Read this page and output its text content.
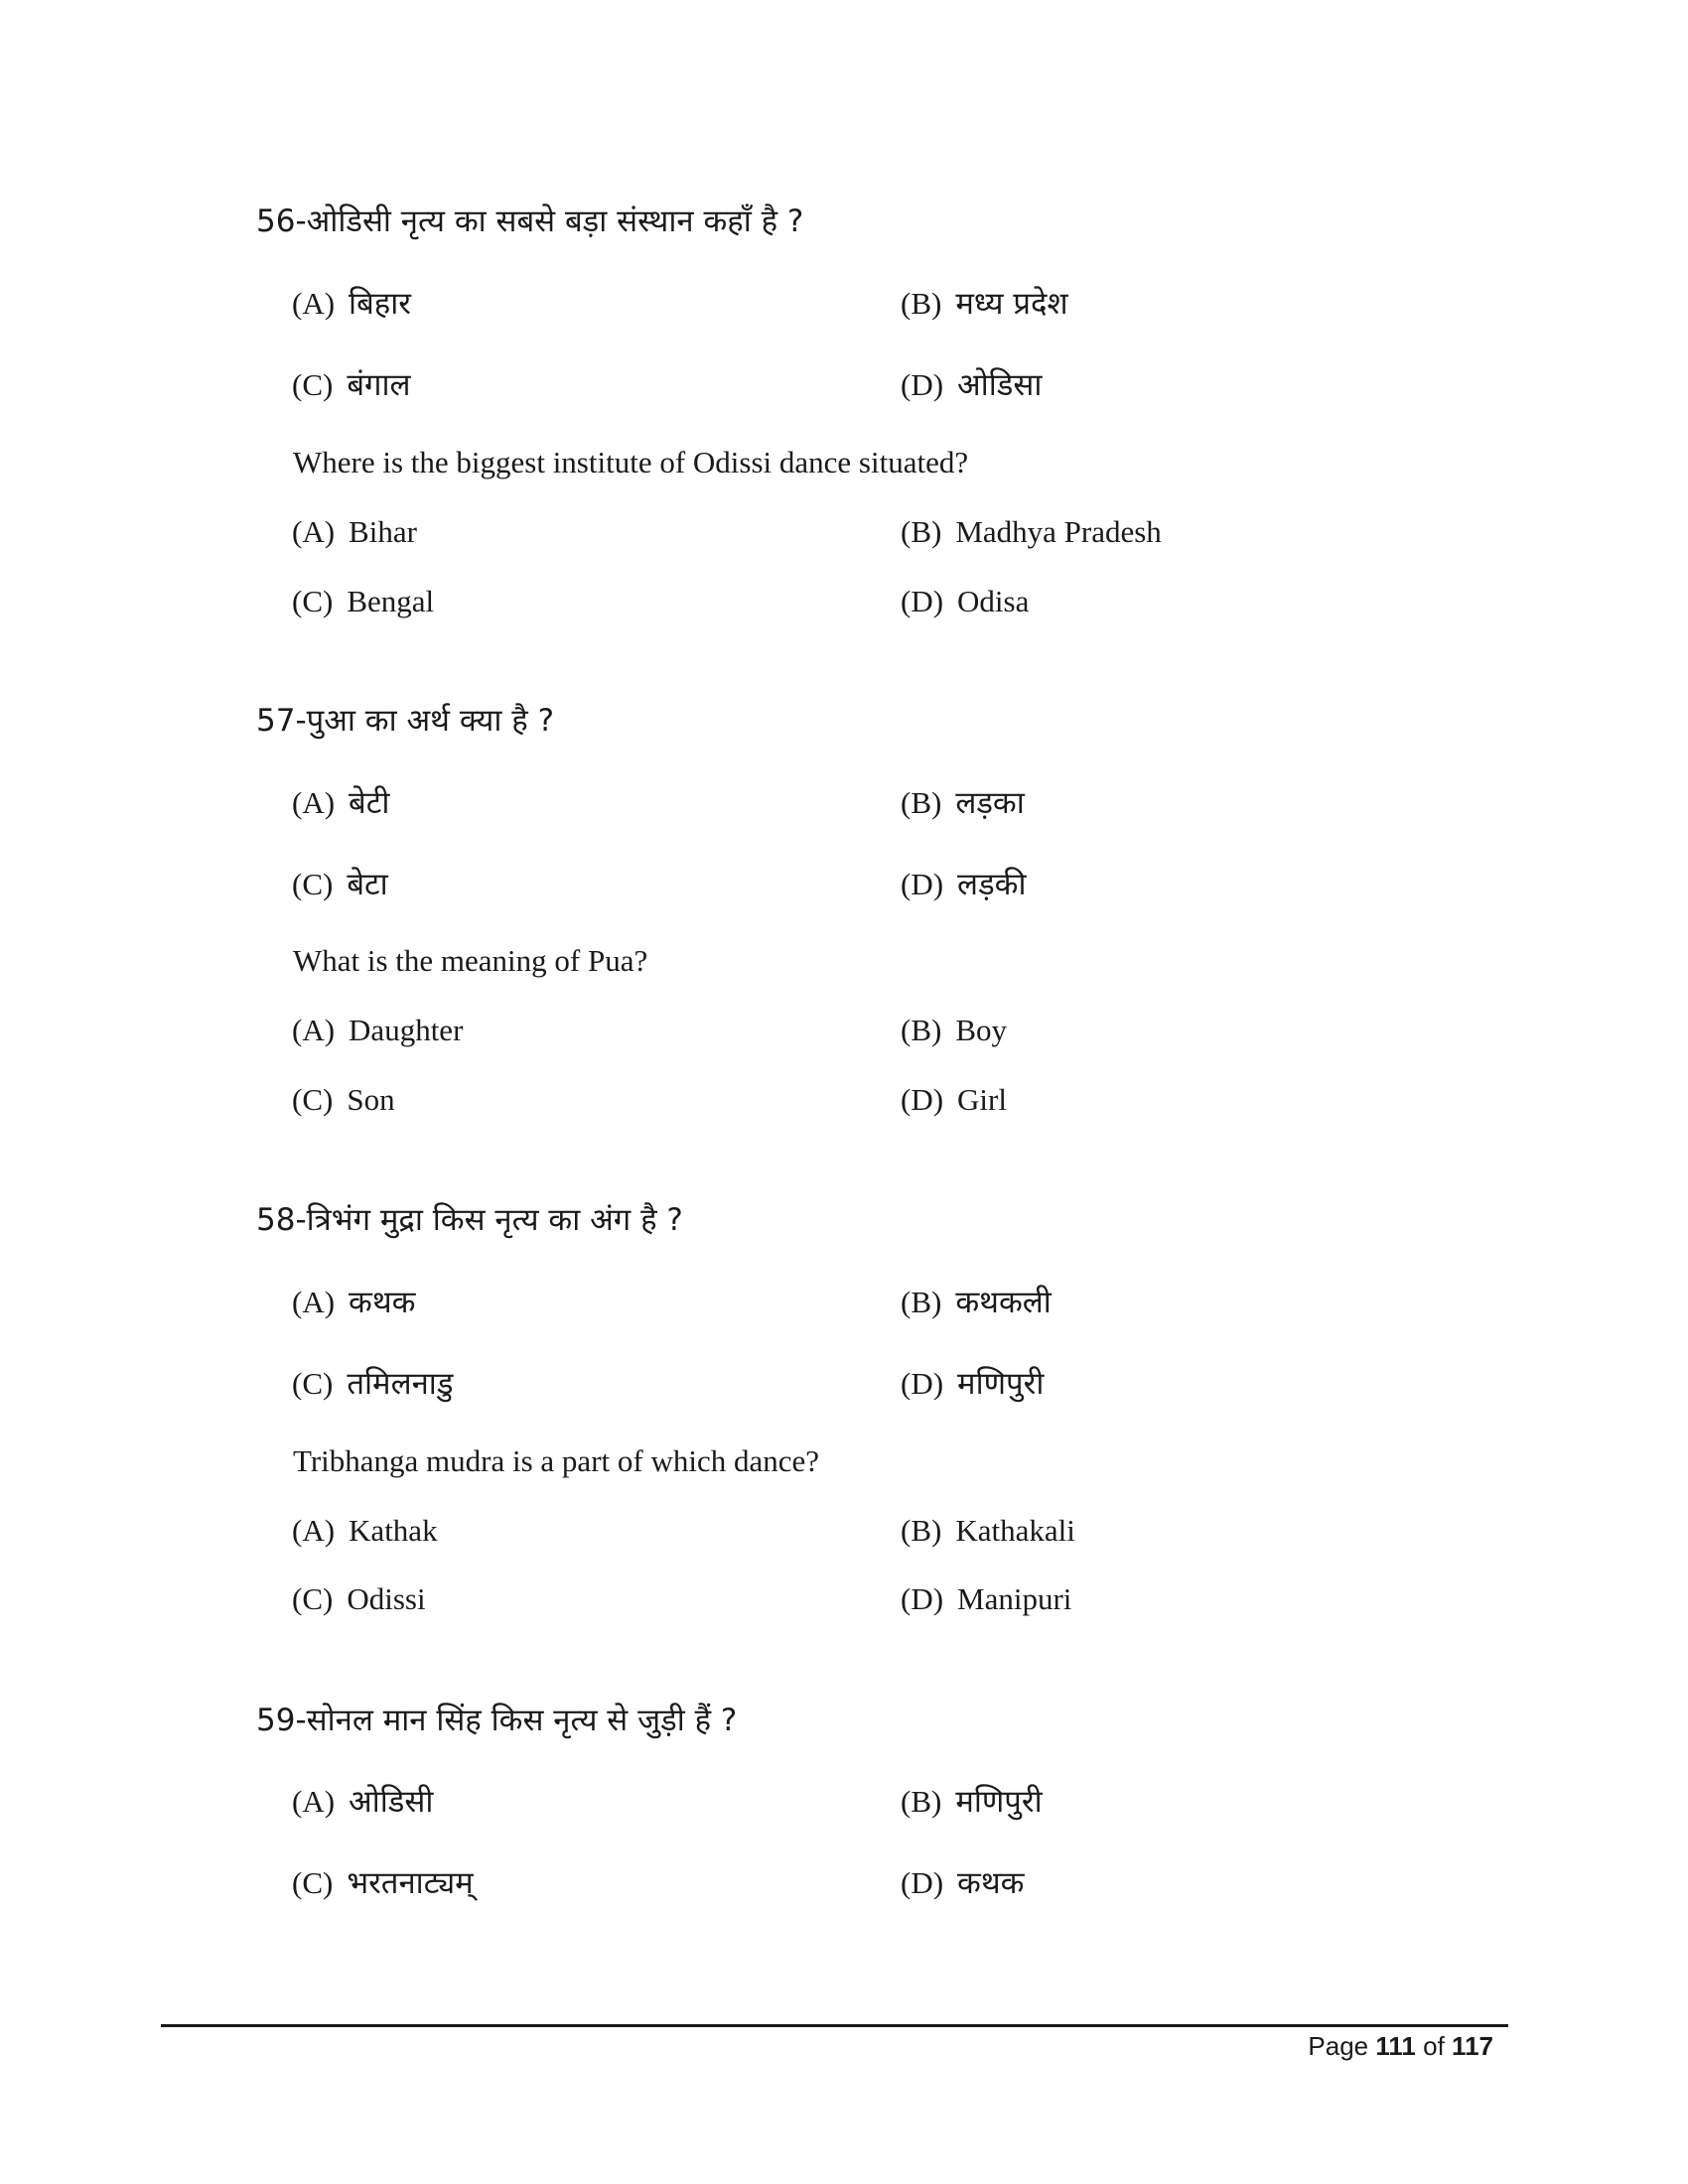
56-ओडिसी नृत्य का सबसे बड़ा संस्थान कहाँ है ?
(A) बिहार	(B) मध्य प्रदेश
(C) बंगाल	(D) ओडिसा
Where is the biggest institute of Odissi dance situated?
(A) Bihar	(B) Madhya Pradesh
(C) Bengal	(D) Odisa
57-पुआ का अर्थ क्या है ?
(A) बेटी	(B) लड़का
(C) बेटा	(D) लड़की
What is the meaning of Pua?
(A) Daughter	(B) Boy
(C) Son	(D) Girl
58-त्रिभंग मुद्रा किस नृत्य का अंग है ?
(A) कथक	(B) कथकली
(C) तमिलनाडु	(D) मणिपुरी
Tribhanga mudra is a part of which dance?
(A) Kathak	(B) Kathakali
(C) Odissi	(D) Manipuri
59-सोनल मान सिंह किस नृत्य से जुड़ी हैं ?
(A) ओडिसी	(B) मणिपुरी
(C) भरतनाट्यम्	(D) कथक
Page 111 of 117
